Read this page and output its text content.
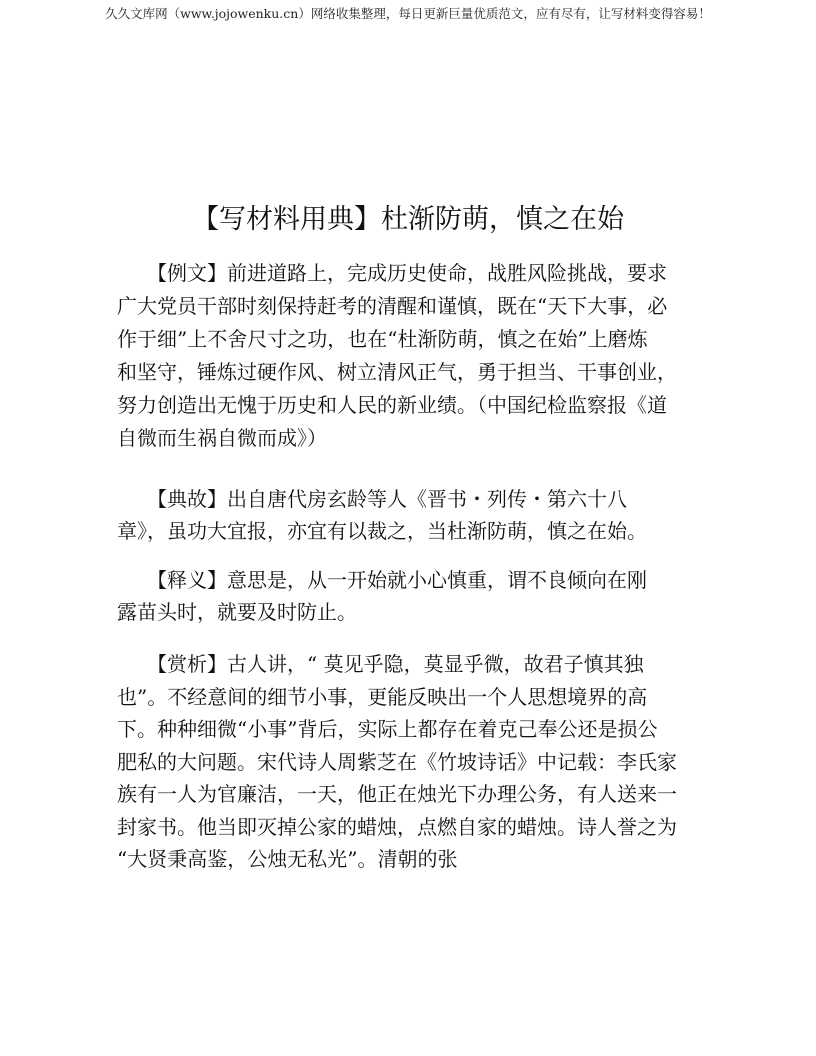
久久文库网（www.jojowenku.cn）网络收集整理，每日更新巨量优质范文，应有尽有，让写材料变得容易！
【写材料用典】杜渐防萌，慎之在始
　　【例文】前进道路上，完成历史使命，战胜风险挑战，要求
广大党员干部时刻保持赶考的清醒和谨慎，既在“天下大事，必
作于细”上不舍尺寸之功，也在“杜渐防萌，慎之在始”上磨炼
和坚守，锤炼过硬作风、树立清风正气，勇于担当、干事创业，
努力创造出无愧于历史和人民的新业绩。（中国纪检监察报《道
自微而生祸自微而成》）
　　【典故】出自唐代房玄龄等人《晋书・列传・第六十八
章》，虽功大宜报，亦宜有以裁之，当杜渐防萌，慎之在始。
　　【释义】意思是，从一开始就小心慎重，谓不良倾向在刚
露苗头时，就要及时防止。
　　【赏析】古人讲，“ 莫见乎隐，莫显乎微，故君子慎其独
也”。不经意间的细节小事，更能反映出一个人思想境界的高
下。种种细微“小事”背后，实际上都存在着克己奉公还是损公
肥私的大问题。宋代诗人周紫芝在《竹坡诗话》中记载：李氏家
族有一人为官廉洁，一天，他正在烛光下办理公务，有人送来一
封家书。他当即灭掉公家的蜡烛，点燃自家的蜡烛。诗人誉之为
“大贤秉高鉴，公烛无私光”。清朝的张
